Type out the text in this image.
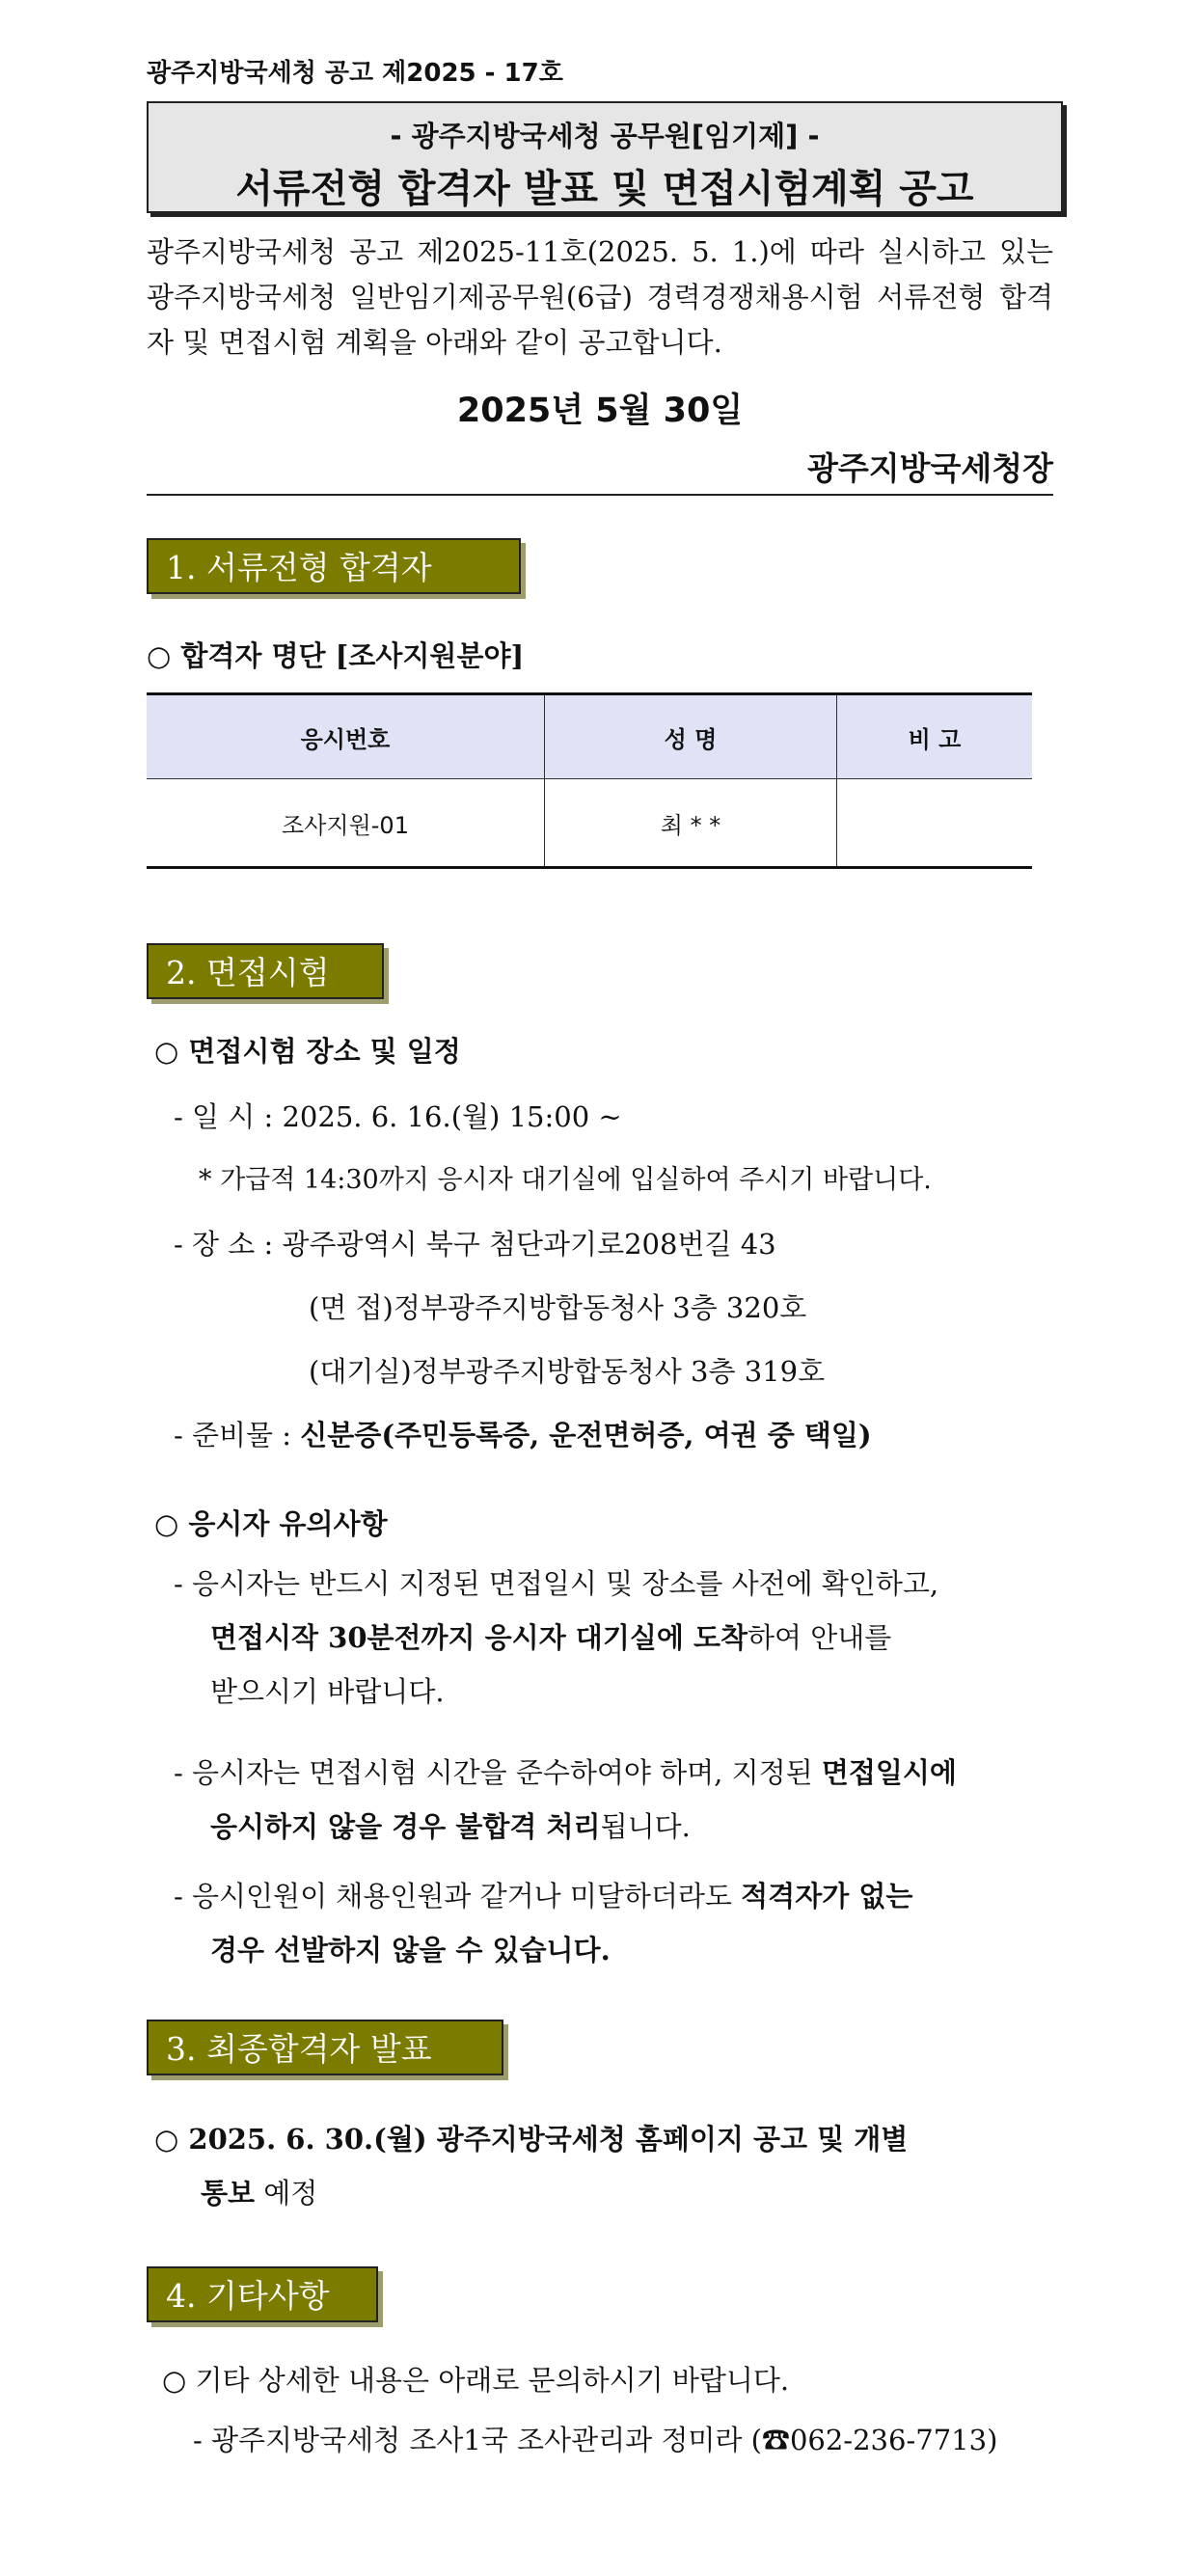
광주지방국세청 공고 제2025 - 17호
- 광주지방국세청 공무원[임기제] -
서류전형 합격자 발표 및 면접시험계획 공고
광주지방국세청 공고 제2025-11호(2025. 5. 1.)에 따라 실시하고 있는 광주지방국세청 일반임기제공무원(6급) 경력경쟁채용시험 서류전형 합격자 및 면접시험 계획을 아래와 같이 공고합니다.
2025년 5월 30일
광주지방국세청장
1. 서류전형 합격자
○ 합격자 명단 [조사지원분야]
응시번호	성 명	비 고
조사지원-01	최 * *	
2. 면접시험
○ 면접시험 장소 및 일정
- 일 시 : 2025. 6. 16.(월) 15:00 ~
* 가급적 14:30까지 응시자 대기실에 입실하여 주시기 바랍니다.
- 장 소 : 광주광역시 북구 첨단과기로208번길 43
(면 접)정부광주지방합동청사 3층 320호
(대기실)정부광주지방합동청사 3층 319호
- 준비물 : 신분증(주민등록증, 운전면허증, 여권 중 택일)
○ 응시자 유의사항
- 응시자는 반드시 지정된 면접일시 및 장소를 사전에 확인하고,
면접시작 30분전까지 응시자 대기실에 도착하여 안내를
받으시기 바랍니다.
- 응시자는 면접시험 시간을 준수하여야 하며, 지정된 면접일시에
응시하지 않을 경우 불합격 처리됩니다.
- 응시인원이 채용인원과 같거나 미달하더라도 적격자가 없는
경우 선발하지 않을 수 있습니다.
3. 최종합격자 발표
○ 2025. 6. 30.(월) 광주지방국세청 홈페이지 공고 및 개별
통보 예정
4. 기타사항
○ 기타 상세한 내용은 아래로 문의하시기 바랍니다.
- 광주지방국세청 조사1국 조사관리과 정미라 (☎062-236-7713)
